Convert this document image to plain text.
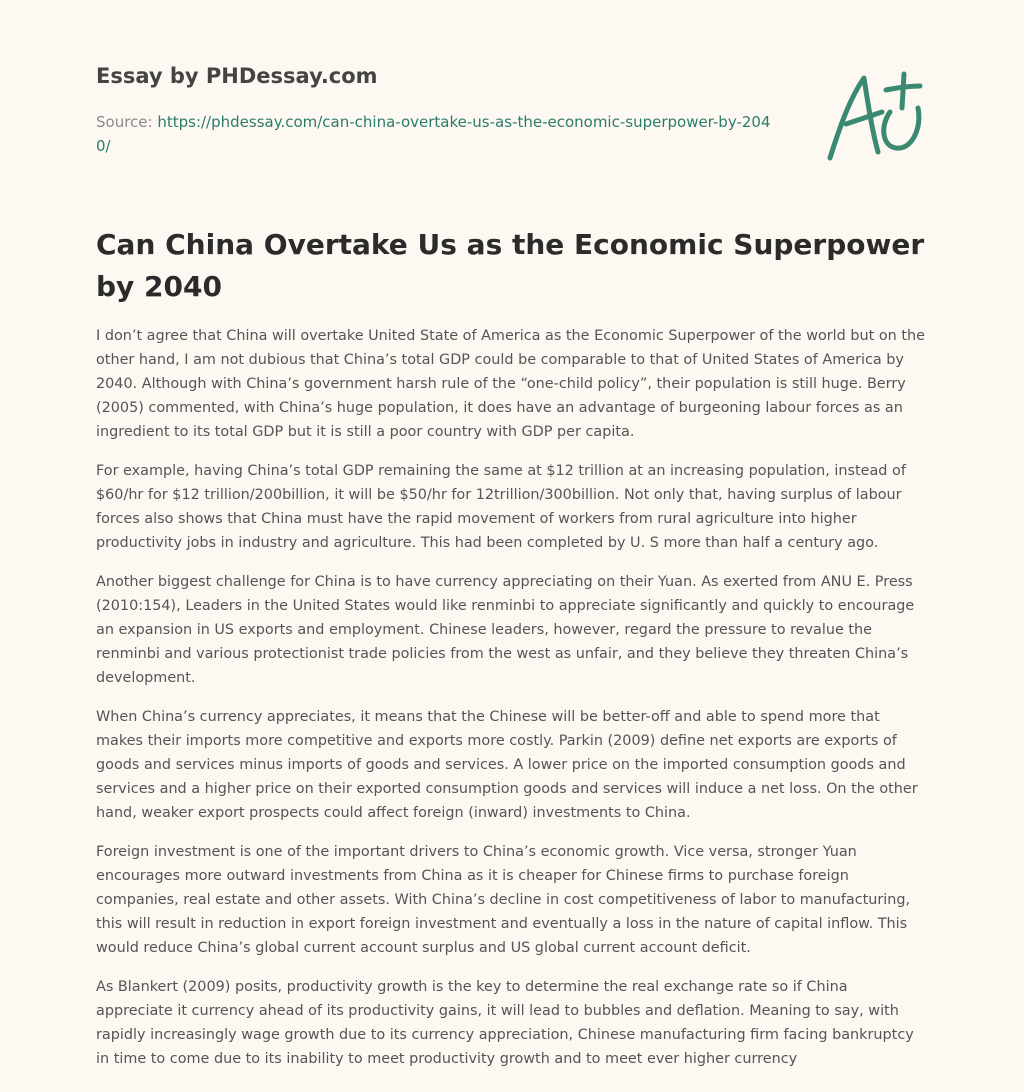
Essay by PHDessay.com
Source: https://phdessay.com/can-china-overtake-us-as-the-economic-superpower-by-2040/
Can China Overtake Us as the Economic Superpower by 2040

I don’t agree that China will overtake United State of America as the Economic Superpower of the world but on the other hand, I am not dubious that China’s total GDP could be comparable to that of United States of America by 2040. Although with China’s government harsh rule of the “one-child policy”, their population is still huge. Berry (2005) commented, with China’s huge population, it does have an advantage of burgeoning labour forces as an ingredient to its total GDP but it is still a poor country with GDP per capita.

For example, having China’s total GDP remaining the same at $12 trillion at an increasing population, instead of $60/hr for $12 trillion/200billion, it will be $50/hr for 12trillion/300billion. Not only that, having surplus of labour forces also shows that China must have the rapid movement of workers from rural agriculture into higher productivity jobs in industry and agriculture. This had been completed by U. S more than half a century ago.

Another biggest challenge for China is to have currency appreciating on their Yuan. As exerted from ANU E. Press (2010:154), Leaders in the United States would like renminbi to appreciate significantly and quickly to encourage an expansion in US exports and employment. Chinese leaders, however, regard the pressure to revalue the renminbi and various protectionist trade policies from the west as unfair, and they believe they threaten China’s development.

When China’s currency appreciates, it means that the Chinese will be better-off and able to spend more that makes their imports more competitive and exports more costly. Parkin (2009) define net exports are exports of goods and services minus imports of goods and services. A lower price on the imported consumption goods and services and a higher price on their exported consumption goods and services will induce a net loss. On the other hand, weaker export prospects could affect foreign (inward) investments to China.

Foreign investment is one of the important drivers to China’s economic growth. Vice versa, stronger Yuan encourages more outward investments from China as it is cheaper for Chinese firms to purchase foreign companies, real estate and other assets. With China’s decline in cost competitiveness of labor to manufacturing, this will result in reduction in export foreign investment and eventually a loss in the nature of capital inflow. This would reduce China’s global current account surplus and US global current account deficit.

As Blankert (2009) posits, productivity growth is the key to determine the real exchange rate so if China appreciate it currency ahead of its productivity gains, it will lead to bubbles and deflation. Meaning to say, with rapidly increasingly wage growth due to its currency appreciation, Chinese manufacturing firm facing bankruptcy in time to come due to its inability to meet productivity growth and to meet ever higher currency
